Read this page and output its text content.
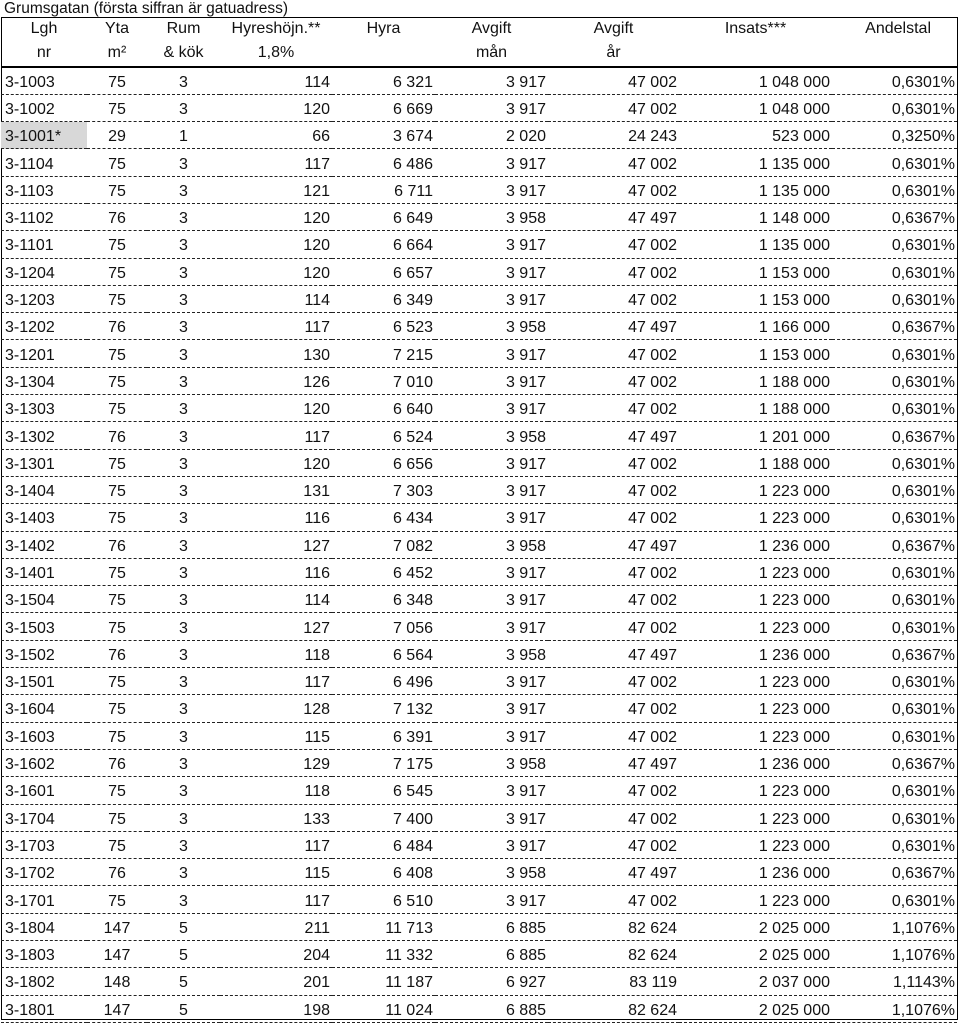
Grumsgatan (första siffran är gatuadress)
Lgh	Yta	Rum	Hyreshöjn.**	Hyra	Avgift	Avgift	Insats***	Andelstal
nr	m²	& kök	1,8%		mån	år		
3-1003	75	3	114	6 321	3 917	47 002	1 048 000	0,6301%
3-1002	75	3	120	6 669	3 917	47 002	1 048 000	0,6301%
3-1001*	29	1	66	3 674	2 020	24 243	523 000	0,3250%
3-1104	75	3	117	6 486	3 917	47 002	1 135 000	0,6301%
3-1103	75	3	121	6 711	3 917	47 002	1 135 000	0,6301%
3-1102	76	3	120	6 649	3 958	47 497	1 148 000	0,6367%
3-1101	75	3	120	6 664	3 917	47 002	1 135 000	0,6301%
3-1204	75	3	120	6 657	3 917	47 002	1 153 000	0,6301%
3-1203	75	3	114	6 349	3 917	47 002	1 153 000	0,6301%
3-1202	76	3	117	6 523	3 958	47 497	1 166 000	0,6367%
3-1201	75	3	130	7 215	3 917	47 002	1 153 000	0,6301%
3-1304	75	3	126	7 010	3 917	47 002	1 188 000	0,6301%
3-1303	75	3	120	6 640	3 917	47 002	1 188 000	0,6301%
3-1302	76	3	117	6 524	3 958	47 497	1 201 000	0,6367%
3-1301	75	3	120	6 656	3 917	47 002	1 188 000	0,6301%
3-1404	75	3	131	7 303	3 917	47 002	1 223 000	0,6301%
3-1403	75	3	116	6 434	3 917	47 002	1 223 000	0,6301%
3-1402	76	3	127	7 082	3 958	47 497	1 236 000	0,6367%
3-1401	75	3	116	6 452	3 917	47 002	1 223 000	0,6301%
3-1504	75	3	114	6 348	3 917	47 002	1 223 000	0,6301%
3-1503	75	3	127	7 056	3 917	47 002	1 223 000	0,6301%
3-1502	76	3	118	6 564	3 958	47 497	1 236 000	0,6367%
3-1501	75	3	117	6 496	3 917	47 002	1 223 000	0,6301%
3-1604	75	3	128	7 132	3 917	47 002	1 223 000	0,6301%
3-1603	75	3	115	6 391	3 917	47 002	1 223 000	0,6301%
3-1602	76	3	129	7 175	3 958	47 497	1 236 000	0,6367%
3-1601	75	3	118	6 545	3 917	47 002	1 223 000	0,6301%
3-1704	75	3	133	7 400	3 917	47 002	1 223 000	0,6301%
3-1703	75	3	117	6 484	3 917	47 002	1 223 000	0,6301%
3-1702	76	3	115	6 408	3 958	47 497	1 236 000	0,6367%
3-1701	75	3	117	6 510	3 917	47 002	1 223 000	0,6301%
3-1804	147	5	211	11 713	6 885	82 624	2 025 000	1,1076%
3-1803	147	5	204	11 332	6 885	82 624	2 025 000	1,1076%
3-1802	148	5	201	11 187	6 927	83 119	2 037 000	1,1143%
3-1801	147	5	198	11 024	6 885	82 624	2 025 000	1,1076%
